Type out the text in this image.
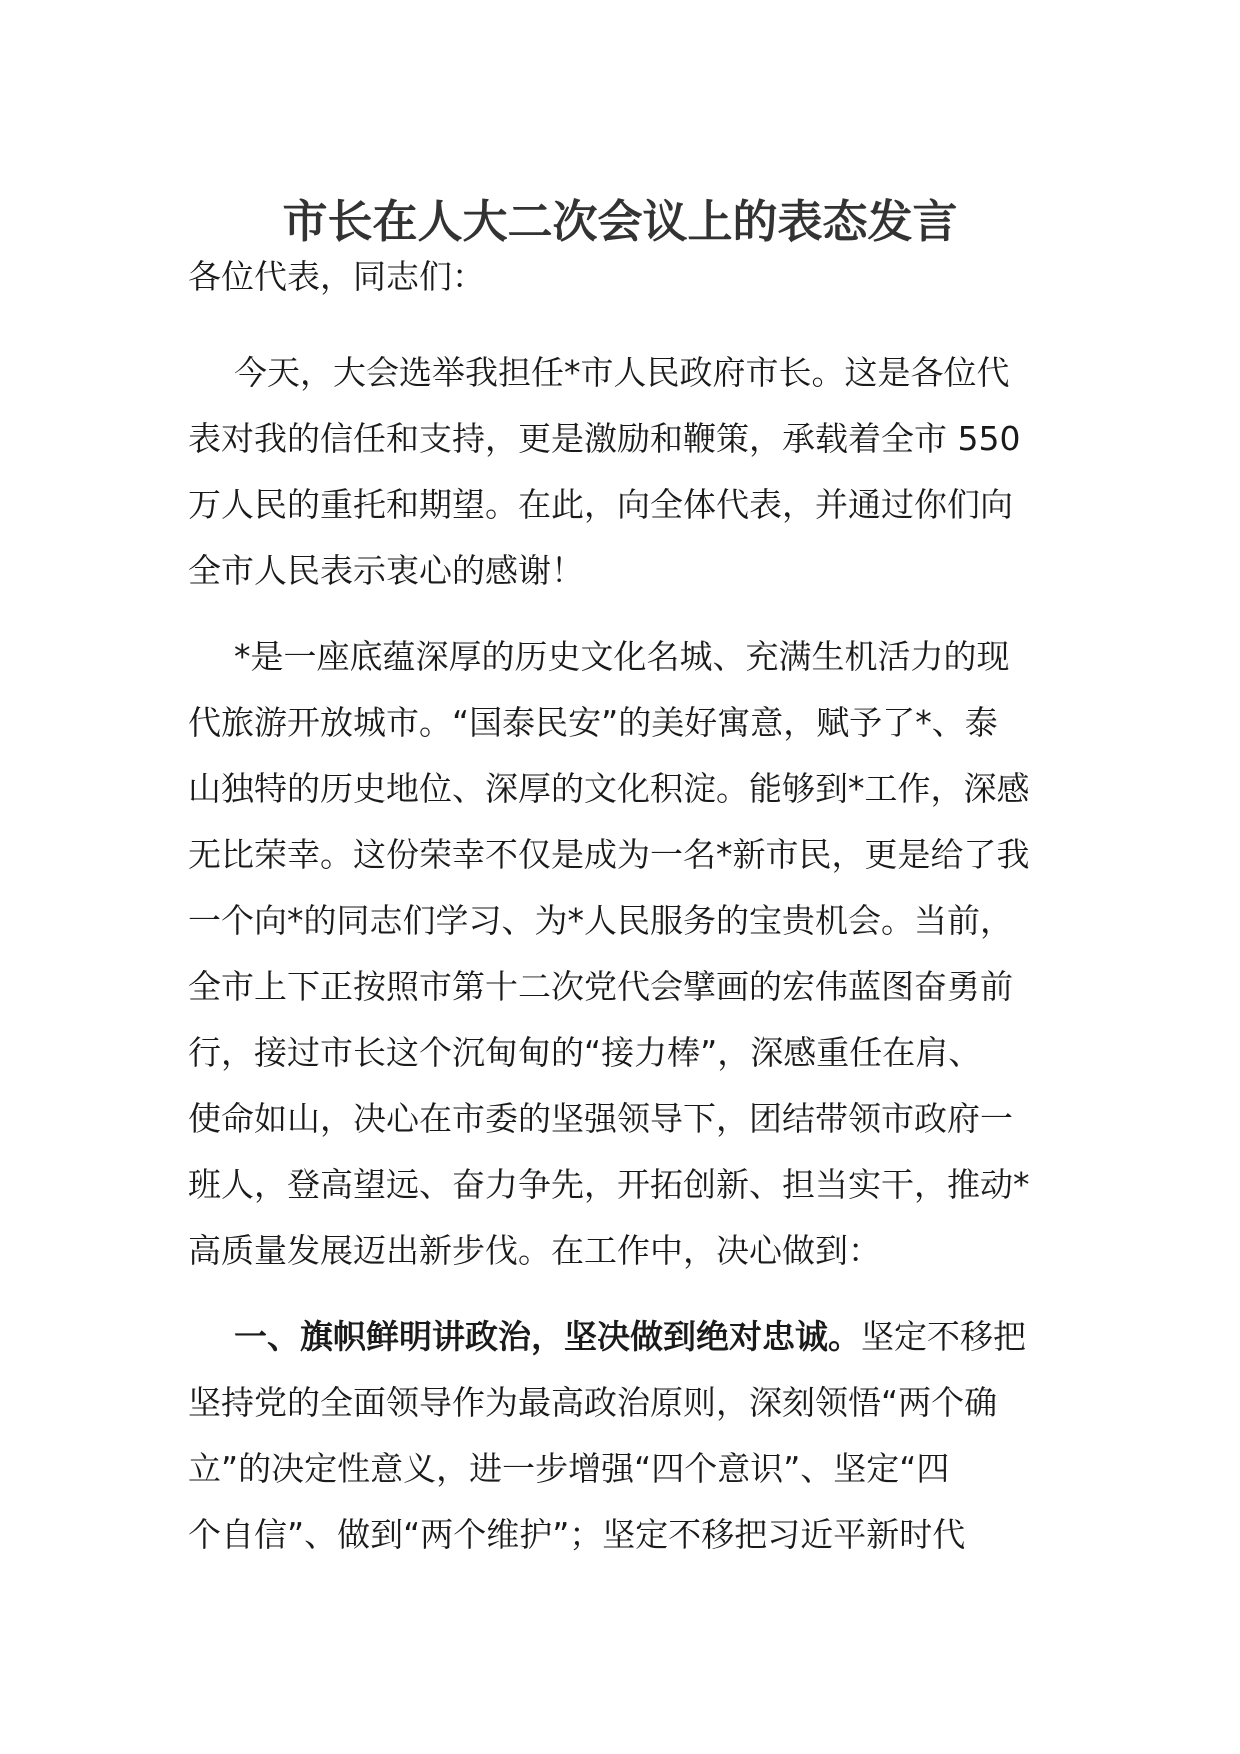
市长在人大二次会议上的表态发言
各位代表，同志们：
今天，大会选举我担任*市人民政府市长。这是各位代
表对我的信任和支持，更是激励和鞭策，承载着全市 550
万人民的重托和期望。在此，向全体代表，并通过你们向
全市人民表示衷心的感谢！
*是一座底蕴深厚的历史文化名城、充满生机活力的现
代旅游开放城市。“国泰民安”的美好寓意，赋予了*、泰
山独特的历史地位、深厚的文化积淀。能够到*工作，深感
无比荣幸。这份荣幸不仅是成为一名*新市民，更是给了我
一个向*的同志们学习、为*人民服务的宝贵机会。当前，
全市上下正按照市第十二次党代会擘画的宏伟蓝图奋勇前
行，接过市长这个沉甸甸的“接力棒”，深感重任在肩、
使命如山，决心在市委的坚强领导下，团结带领市政府一
班人，登高望远、奋力争先，开拓创新、担当实干，推动*
高质量发展迈出新步伐。在工作中，决心做到：
一、旗帜鲜明讲政治，坚决做到绝对忠诚。坚定不移把
坚持党的全面领导作为最高政治原则，深刻领悟“两个确
立”的决定性意义，进一步增强“四个意识”、坚定“四
个自信”、做到“两个维护”；坚定不移把习近平新时代
